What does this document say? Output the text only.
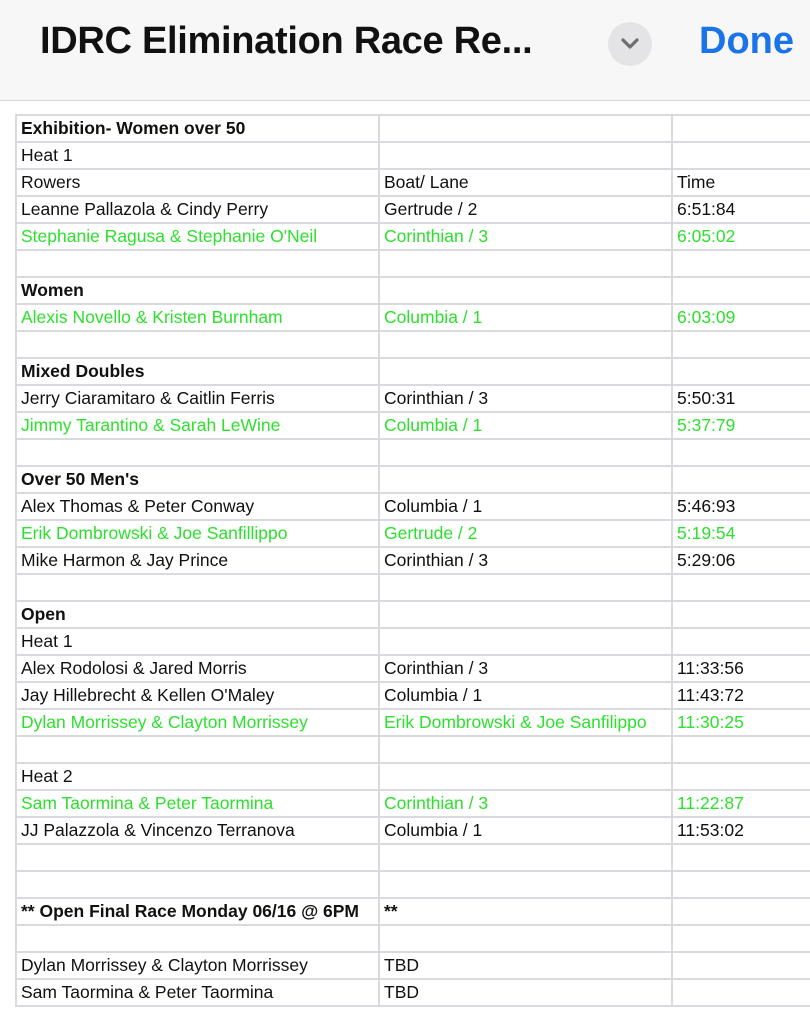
IDRC Elimination Race Re...	Done
Exhibition- Women over 50		
Heat 1		
Rowers	Boat/ Lane	Time
Leanne Pallazola & Cindy Perry	Gertrude / 2	6:51:84
Stephanie Ragusa & Stephanie O'Neil	Corinthian / 3	6:05:02

Women		
Alexis Novello & Kristen Burnham	Columbia / 1	6:03:09

Mixed Doubles		
Jerry Ciaramitaro & Caitlin Ferris	Corinthian / 3	5:50:31
Jimmy Tarantino & Sarah LeWine	Columbia / 1	5:37:79

Over 50 Men's		
Alex Thomas & Peter Conway	Columbia / 1	5:46:93
Erik Dombrowski & Joe Sanfillippo	Gertrude / 2	5:19:54
Mike Harmon & Jay Prince	Corinthian / 3	5:29:06

Open		
Heat 1		
Alex Rodolosi & Jared Morris	Corinthian / 3	11:33:56
Jay Hillebrecht & Kellen O'Maley	Columbia / 1	11:43:72
Dylan Morrissey & Clayton Morrissey	Erik Dombrowski & Joe Sanfilippo	11:30:25

Heat 2		
Sam Taormina & Peter Taormina	Corinthian / 3	11:22:87
JJ Palazzola & Vincenzo Terranova	Columbia / 1	11:53:02

** Open Final Race Monday 06/16 @ 6PM	**	

Dylan Morrissey & Clayton Morrissey	TBD	
Sam Taormina & Peter Taormina	TBD	
